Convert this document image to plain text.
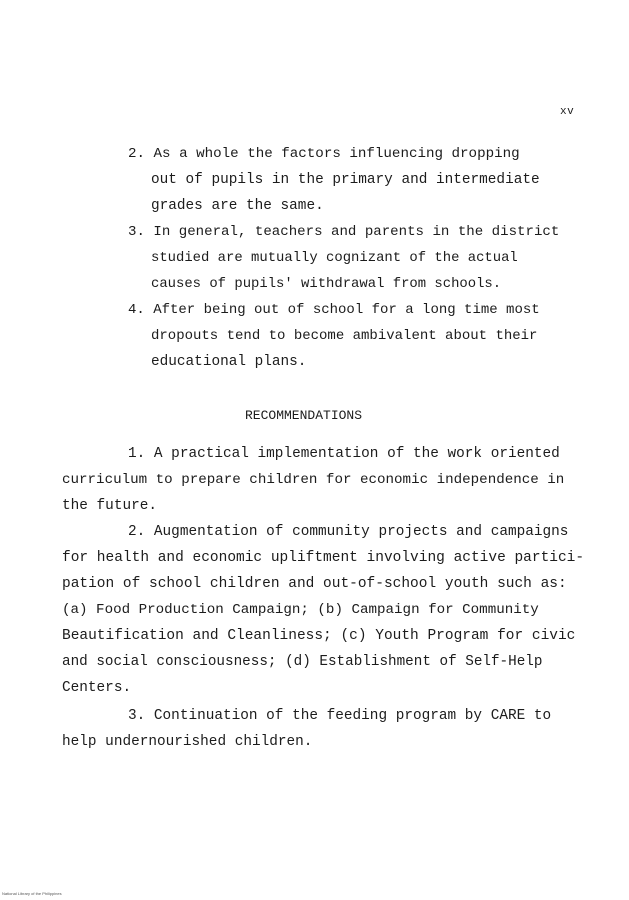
xv
2. As a whole the factors influencing dropping
out of pupils in the primary and intermediate
grades are the same.
3. In general, teachers and parents in the district
studied are mutually cognizant of the actual
causes of pupils' withdrawal from schools.
4. After being out of school for a long time most
dropouts tend to become ambivalent about their
educational plans.
RECOMMENDATIONS
1. A practical implementation of the work oriented
curriculum to prepare children for economic independence in
the future.
2. Augmentation of community projects and campaigns
for health and economic upliftment involving active partici-
pation of school children and out-of-school youth such as:
(a) Food Production Campaign; (b) Campaign for Community
Beautification and Cleanliness; (c) Youth Program for civic
and social consciousness; (d) Establishment of Self-Help
Centers.
3. Continuation of the feeding program by CARE to
help undernourished children.
National Library of the Philippines
